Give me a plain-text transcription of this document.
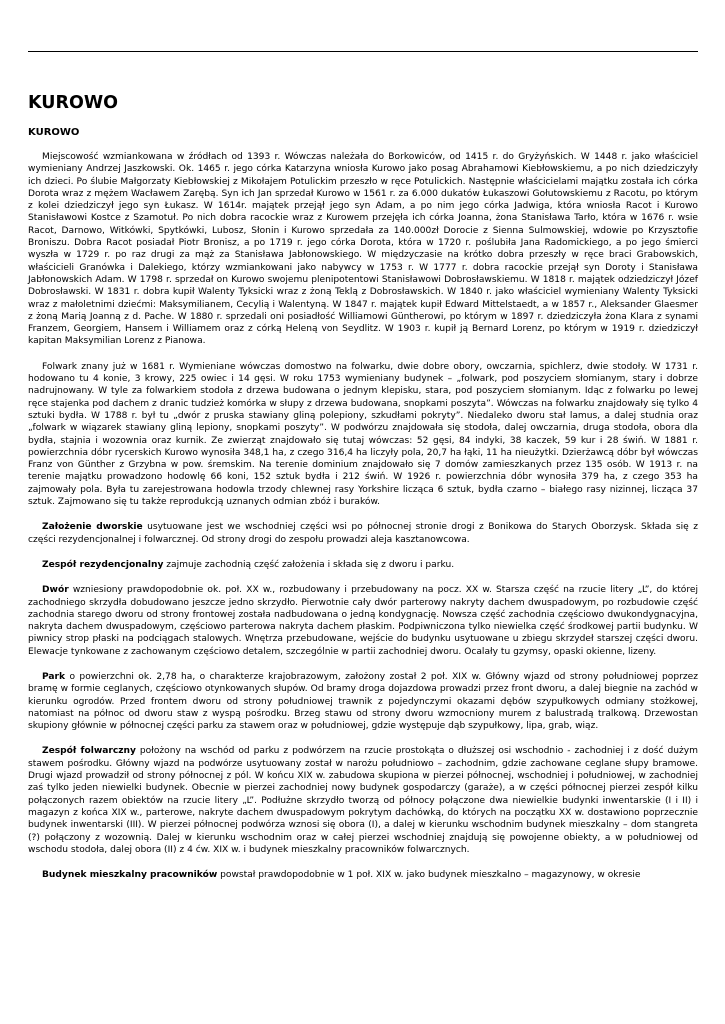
KUROWO
KUROWO

Miejscowość wzmiankowana w źródłach od 1393 r. Wówczas należała do Borkowiców, od 1415 r. do Gryżyńskich. W 1448 r. jako właściciel wymieniany Andrzej Jaszkowski. Ok. 1465 r. jego córka Katarzyna wniosła Kurowo jako posag Abrahamowi Kiebłowskiemu, a po nich dziedziczyły ich dzieci. Po ślubie Małgorzaty Kiebłowskiej z Mikołajem Potulickim przeszło w ręce Potulickich. Następnie właścicielami majątku została ich córka Dorota wraz z mężem Wacławem Zarębą. Syn ich Jan sprzedał Kurowo w 1561 r. za 6.000 dukatów Łukaszowi Gołutowskiemu z Racotu, po którym z kolei dziedziczył jego syn Łukasz. W 1614r. majątek przejął jego syn Adam, a po nim jego córka Jadwiga, która wniosła Racot i Kurowo Stanisławowi Kostce z Szamotuł. Po nich dobra racockie wraz z Kurowem przejęła ich córka Joanna, żona Stanisława Tarło, która w 1676 r. wsie Racot, Darnowo, Witkówki, Spytkówki, Lubosz, Słonin i Kurowo sprzedała za 140.000zł Dorocie z Sienna Sulmowskiej, wdowie po Krzysztofie Broniszu. Dobra Racot posiadał Piotr Bronisz, a po 1719 r. jego córka Dorota, która w 1720 r. poślubiła Jana Radomickiego, a po jego śmierci wyszła w 1729 r. po raz drugi za mąż za Stanisława Jabłonowskiego. W międzyczasie na krótko dobra przeszły w ręce braci Grabowskich, właścicieli Granówka i Dalekiego, którzy wzmiankowani jako nabywcy w 1753 r. W 1777 r. dobra racockie przejął syn Doroty i Stanisława Jabłonowskich Adam. W 1798 r. sprzedał on Kurowo swojemu plenipotentowi Stanisławowi Dobrosławskiemu. W 1818 r. majątek odziedziczył Józef Dobrosławski. W 1831 r. dobra kupił Walenty Tyksicki wraz z żoną Teklą z Dobrosławskich. W 1840 r. jako właściciel wymieniany Walenty Tyksicki wraz z małoletnimi dziećmi: Maksymilianem, Cecylią i Walentyną. W 1847 r. majątek kupił Edward Mittelstaedt, a w 1857 r., Aleksander Glaesmer z żoną Marią Joanną z d. Pache. W 1880 r. sprzedali oni posiadłość Williamowi Güntherowi, po którym w 1897 r. dziedziczyła żona Klara z synami Franzem, Georgiem, Hansem i Williamem oraz z córką Heleną von Seydlitz. W 1903 r. kupił ją Bernard Lorenz, po którym w 1919 r. dziedziczył kapitan Maksymilian Lorenz z Pianowa.

Folwark znany już w 1681 r. Wymieniane wówczas domostwo na folwarku, dwie dobre obory, owczarnia, spichlerz, dwie stodoły. W 1731 r. hodowano tu 4 konie, 3 krowy, 225 owiec i 14 gęsi. W roku 1753 wymieniany budynek – „folwark, pod poszyciem słomianym, stary i dobrze nadrujnowany. W tyle za folwarkiem stodoła z drzewa budowana o jednym klepisku, stara, pod poszyciem słomianym. Idąc z folwarku po lewej ręce stajenka pod dachem z dranic tudzież komórka w słupy z drzewa budowana, snopkami poszyta”. Wówczas na folwarku znajdowały się tylko 4 sztuki bydła. W 1788 r. był tu „dwór z pruska stawiany gliną polepiony, szkudłami pokryty”. Niedaleko dworu stał lamus, a dalej studnia oraz „folwark w wiązarek stawiany gliną lepiony, snopkami poszyty”. W podwórzu znajdowała się stodoła, dalej owczarnia, druga stodoła, obora dla bydła, stajnia i wozownia oraz kurnik. Ze zwierząt znajdowało się tutaj wówczas: 52 gęsi, 84 indyki, 38 kaczek, 59 kur i 28 świń. W 1881 r. powierzchnia dóbr rycerskich Kurowo wynosiła 348,1 ha, z czego 316,4 ha liczyły pola, 20,7 ha łąki, 11 ha nieużytki. Dzierżawcą dóbr był wówczas Franz von Günther z Grzybna w pow. śremskim. Na terenie dominium znajdowało się 7 domów zamieszkanych przez 135 osób. W 1913 r. na terenie majątku prowadzono hodowlę 66 koni, 152 sztuk bydła i 212 świń. W 1926 r. powierzchnia dóbr wynosiła 379 ha, z czego 353 ha zajmowały pola. Była tu zarejestrowana hodowla trzody chlewnej rasy Yorkshire licząca 6 sztuk, bydła czarno – białego rasy nizinnej, licząca 37 sztuk. Zajmowano się tu także reprodukcją uznanych odmian zbóż i buraków.

Założenie dworskie usytuowane jest we wschodniej części wsi po północnej stronie drogi z Bonikowa do Starych Oborzysk. Składa się z części rezydencjonalnej i folwarcznej. Od strony drogi do zespołu prowadzi aleja kasztanowcowa.

Zespół rezydencjonalny zajmuje zachodnią część założenia i składa się z dworu i parku.

Dwór wzniesiony prawdopodobnie ok. poł. XX w., rozbudowany i przebudowany na pocz. XX w. Starsza część na rzucie litery „L”, do której zachodniego skrzydła dobudowano jeszcze jedno skrzydło. Pierwotnie cały dwór parterowy nakryty dachem dwuspadowym, po rozbudowie część zachodnia starego dworu od strony frontowej została nadbudowana o jedną kondygnację. Nowsza część zachodnia częściowo dwukondygnacyjna, nakryta dachem dwuspadowym, częściowo parterowa nakryta dachem płaskim. Podpiwniczona tylko niewielka część środkowej partii budynku. W piwnicy strop płaski na podciągach stalowych. Wnętrza przebudowane, wejście do budynku usytuowane u zbiegu skrzydeł starszej części dworu. Elewacje tynkowane z zachowanym częściowo detalem, szczególnie w partii zachodniej dworu. Ocalały tu gzymsy, opaski okienne, lizeny.

Park o powierzchni ok. 2,78 ha, o charakterze krajobrazowym, założony został 2 poł. XIX w. Główny wjazd od strony południowej poprzez bramę w formie ceglanych, częściowo otynkowanych słupów. Od bramy droga dojazdowa prowadzi przez front dworu, a dalej biegnie na zachód w kierunku ogrodów. Przed frontem dworu od strony południowej trawnik z pojedynczymi okazami dębów szypułkowych odmiany stożkowej, natomiast na północ od dworu staw z wyspą pośrodku. Brzeg stawu od strony dworu wzmocniony murem z balustradą tralkową. Drzewostan skupiony głównie w północnej części parku za stawem oraz w południowej, gdzie występuje dąb szypułkowy, lipa, grab, wiąz.

Zespół folwarczny położony na wschód od parku z podwórzem na rzucie prostokąta o dłuższej osi wschodnio - zachodniej i z dość dużym stawem pośrodku. Główny wjazd na podwórze usytuowany został w narożu południowo – zachodnim, gdzie zachowane ceglane słupy bramowe. Drugi wjazd prowadził od strony północnej z pól. W końcu XIX w. zabudowa skupiona w pierzei północnej, wschodniej i południowej, w zachodniej zaś tylko jeden niewielki budynek. Obecnie w pierzei zachodniej nowy budynek gospodarczy (garaże), a w części północnej pierzei zespół kilku połączonych razem obiektów na rzucie litery „L”. Podłużne skrzydło tworzą od północy połączone dwa niewielkie budynki inwentarskie (I i II) i magazyn z końca XIX w., parterowe, nakryte dachem dwuspadowym pokrytym dachówką, do których na początku XX w. dostawiono poprzecznie budynek inwentarski (III). W pierzei północnej podwórza wznosi się obora (I), a dalej w kierunku wschodnim budynek mieszkalny – dom stangreta (?) połączony z wozownią. Dalej w kierunku wschodnim oraz w całej pierzei wschodniej znajdują się powojenne obiekty, a w południowej od wschodu stodoła, dalej obora (II) z 4 ćw. XIX w. i budynek mieszkalny pracowników folwarcznych.

Budynek mieszkalny pracowników powstał prawdopodobnie w 1 poł. XIX w. jako budynek mieszkalno – magazynowy, w okresie
